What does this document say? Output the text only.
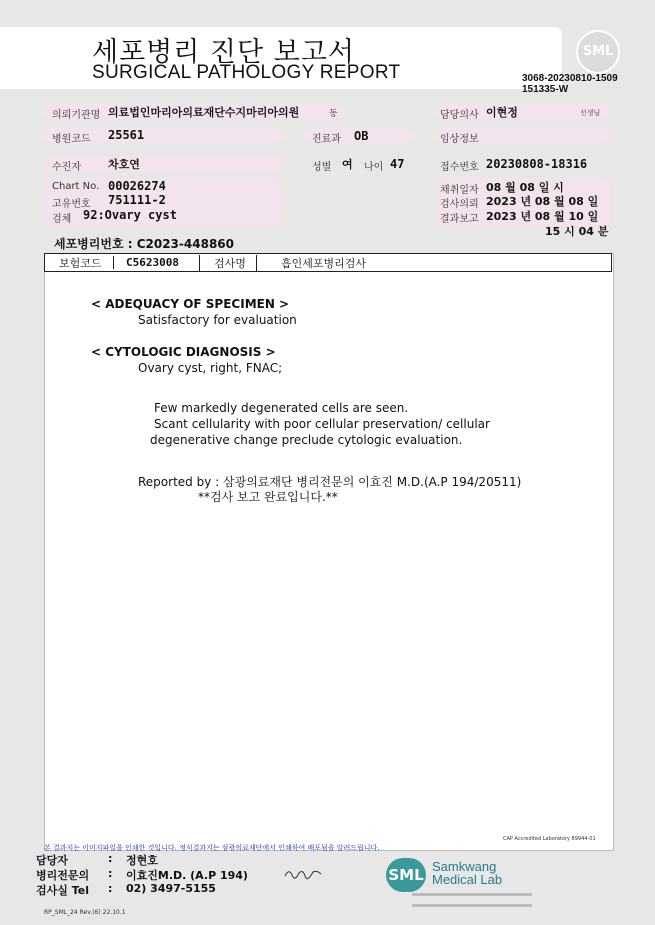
세포병리 진단 보고서
SURGICAL PATHOLOGY REPORT
SML
3068-20230810-1509
151335-W
의뢰기관명 의료법인마리아의료재단수지마리아의원	동	담당의사 이현정	선생님
병원코드 25561	진료과 OB	임상정보
수진자 차호연	성별 여 나이 47	접수번호 20230808-18316
Chart No. 00026274
고유번호 751111-2
검체 92:Ovary cyst
채취일자 08 월 08 일 시
검사의뢰 2023 년 08 월 08 일
결과보고 2023 년 08 월 10 일
15 시 04 분
세포병리번호 : C2023-448860
보험코드	C5623008	검사명	흡인세포병리검사
< ADEQUACY OF SPECIMEN >
Satisfactory for evaluation
< CYTOLOGIC DIAGNOSIS >
Ovary cyst, right, FNAC;
Few markedly degenerated cells are seen.
Scant cellularity with poor cellular preservation/ cellular
degenerative change preclude cytologic evaluation.
Reported by : 삼광의료재단 병리전문의 이효진 M.D.(A.P 194/20511)
**검사 보고 완료입니다.**
본 결과지는 이미지파일을 인쇄한 것입니다. 정식결과지는 삼광의료재단에서 인쇄하여 배포됨을 알려드립니다.
CAP Accredited Laboratory 89944-01
담당자	: 정현호
병리전문의 : 이효진M.D. (A.P 194)
검사실 Tel : 02) 3497-5155
SML Samkwang
Medical Lab
RP_SML_24 Rev.(6) 22.10.1
